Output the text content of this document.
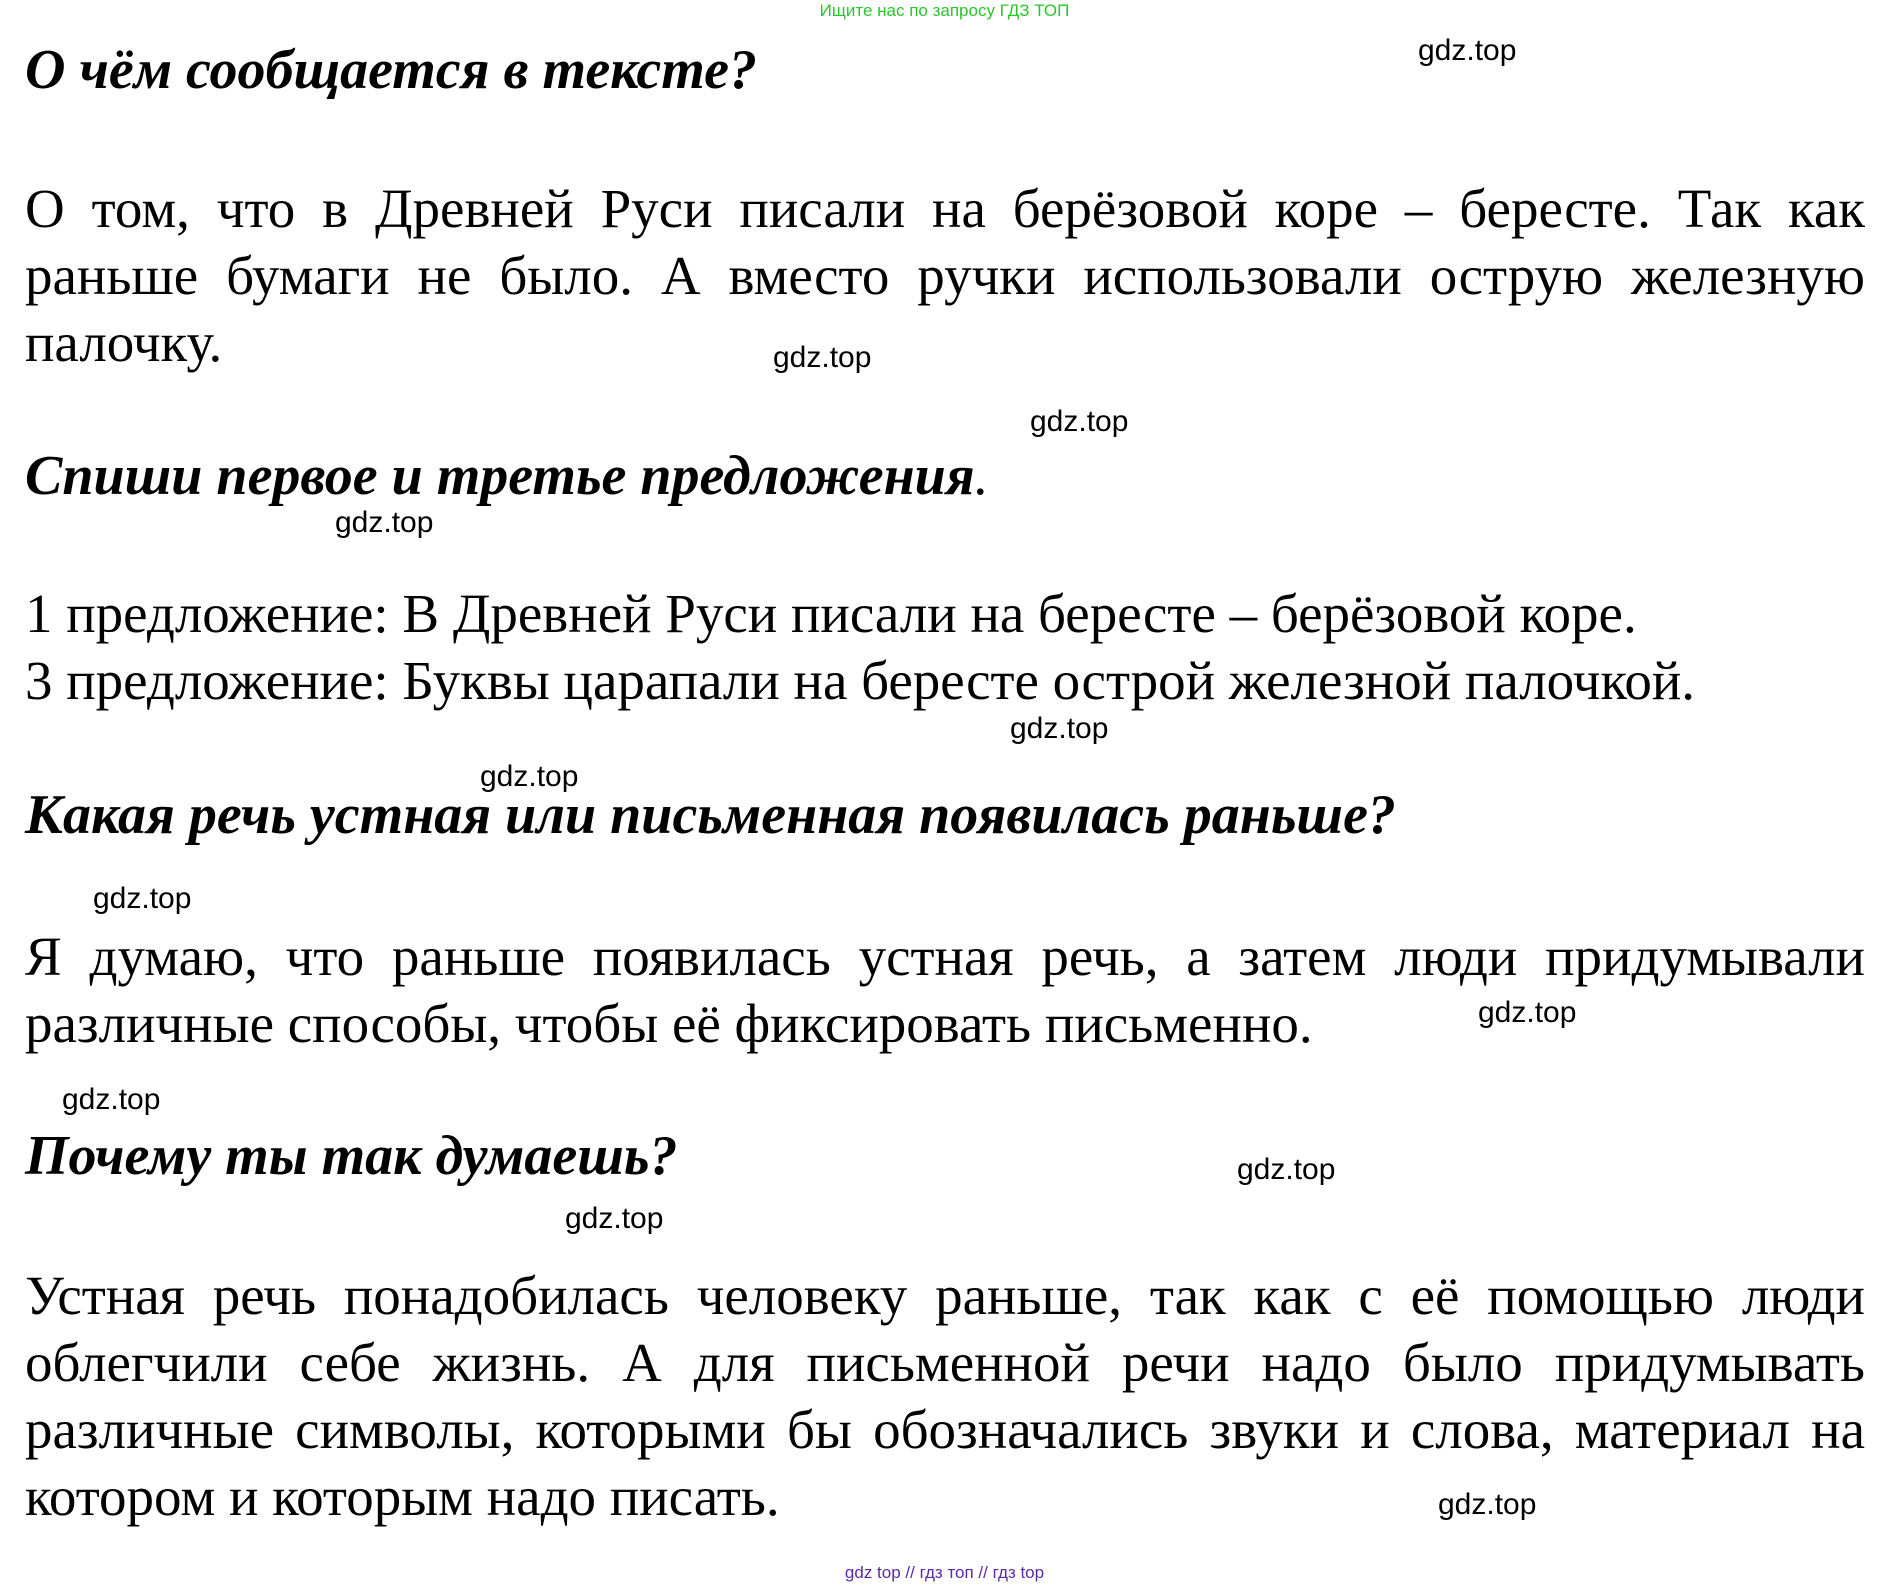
Ищите нас по запросу ГДЗ ТОП
О чём сообщается в тексте?

О том, что в Древней Руси писали на берёзовой коре – бересте. Так как раньше бумаги не было. А вместо ручки использовали острую железную палочку.

Спиши первое и третье предложения.
1 предложение: В Древней Руси писали на бересте – берёзовой коре.
3 предложение: Буквы царапали на бересте острой железной палочкой.
Какая речь устная или письменная появилась раньше?

Я думаю, что раньше появилась устная речь, а затем люди придумывали различные способы, чтобы её фиксировать письменно.

Почему ты так думаешь?

Устная речь понадобилась человеку раньше, так как с её помощью люди облегчили себе жизнь. А для письменной речи надо было придумывать различные символы, которыми бы обозначались звуки и слова, материал на котором и которым надо писать.

gdz.top
gdz.top
gdz.top
gdz.top
gdz.top
gdz.top
gdz.top
gdz.top
gdz.top
gdz.top
gdz.top
gdz.top
gdz top // гдз топ // гдз top
